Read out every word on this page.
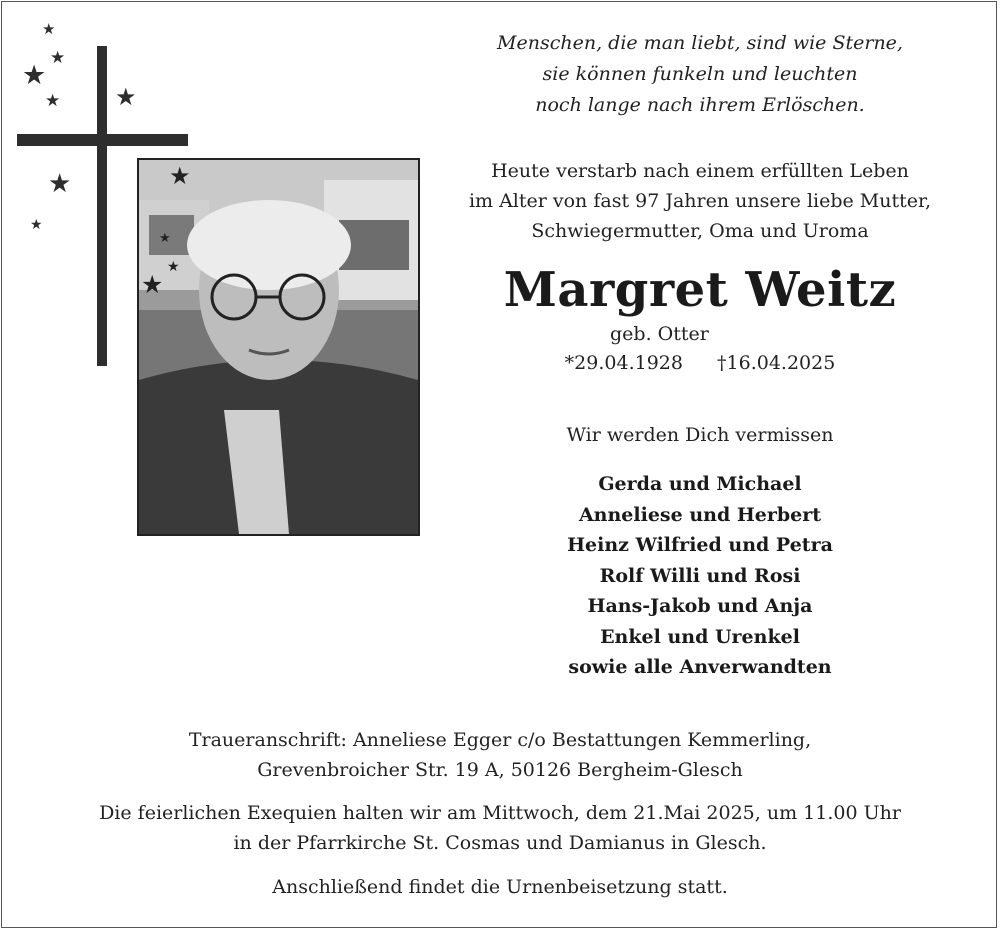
★
★
★
★ ★
★
★
★
★
★
★
Menschen, die man liebt, sind wie Sterne,
sie können funkeln und leuchten
noch lange nach ihrem Erlöschen.
Heute verstarb nach einem erfüllten Leben
im Alter von fast 97 Jahren unsere liebe Mutter,
Schwiegermutter, Oma und Uroma
Margret Weitz
geb. Otter
*29.04.1928 †16.04.2025
Wir werden Dich vermissen
Gerda und Michael
Anneliese und Herbert
Heinz Wilfried und Petra
Rolf Willi und Rosi
Hans-Jakob und Anja
Enkel und Urenkel
sowie alle Anverwandten
Traueranschrift: Anneliese Egger c/o Bestattungen Kemmerling,
Grevenbroicher Str. 19 A, 50126 Bergheim-Glesch
Die feierlichen Exequien halten wir am Mittwoch, dem 21.Mai 2025, um 11.00 Uhr
in der Pfarrkirche St. Cosmas und Damianus in Glesch.
Anschließend findet die Urnenbeisetzung statt.
